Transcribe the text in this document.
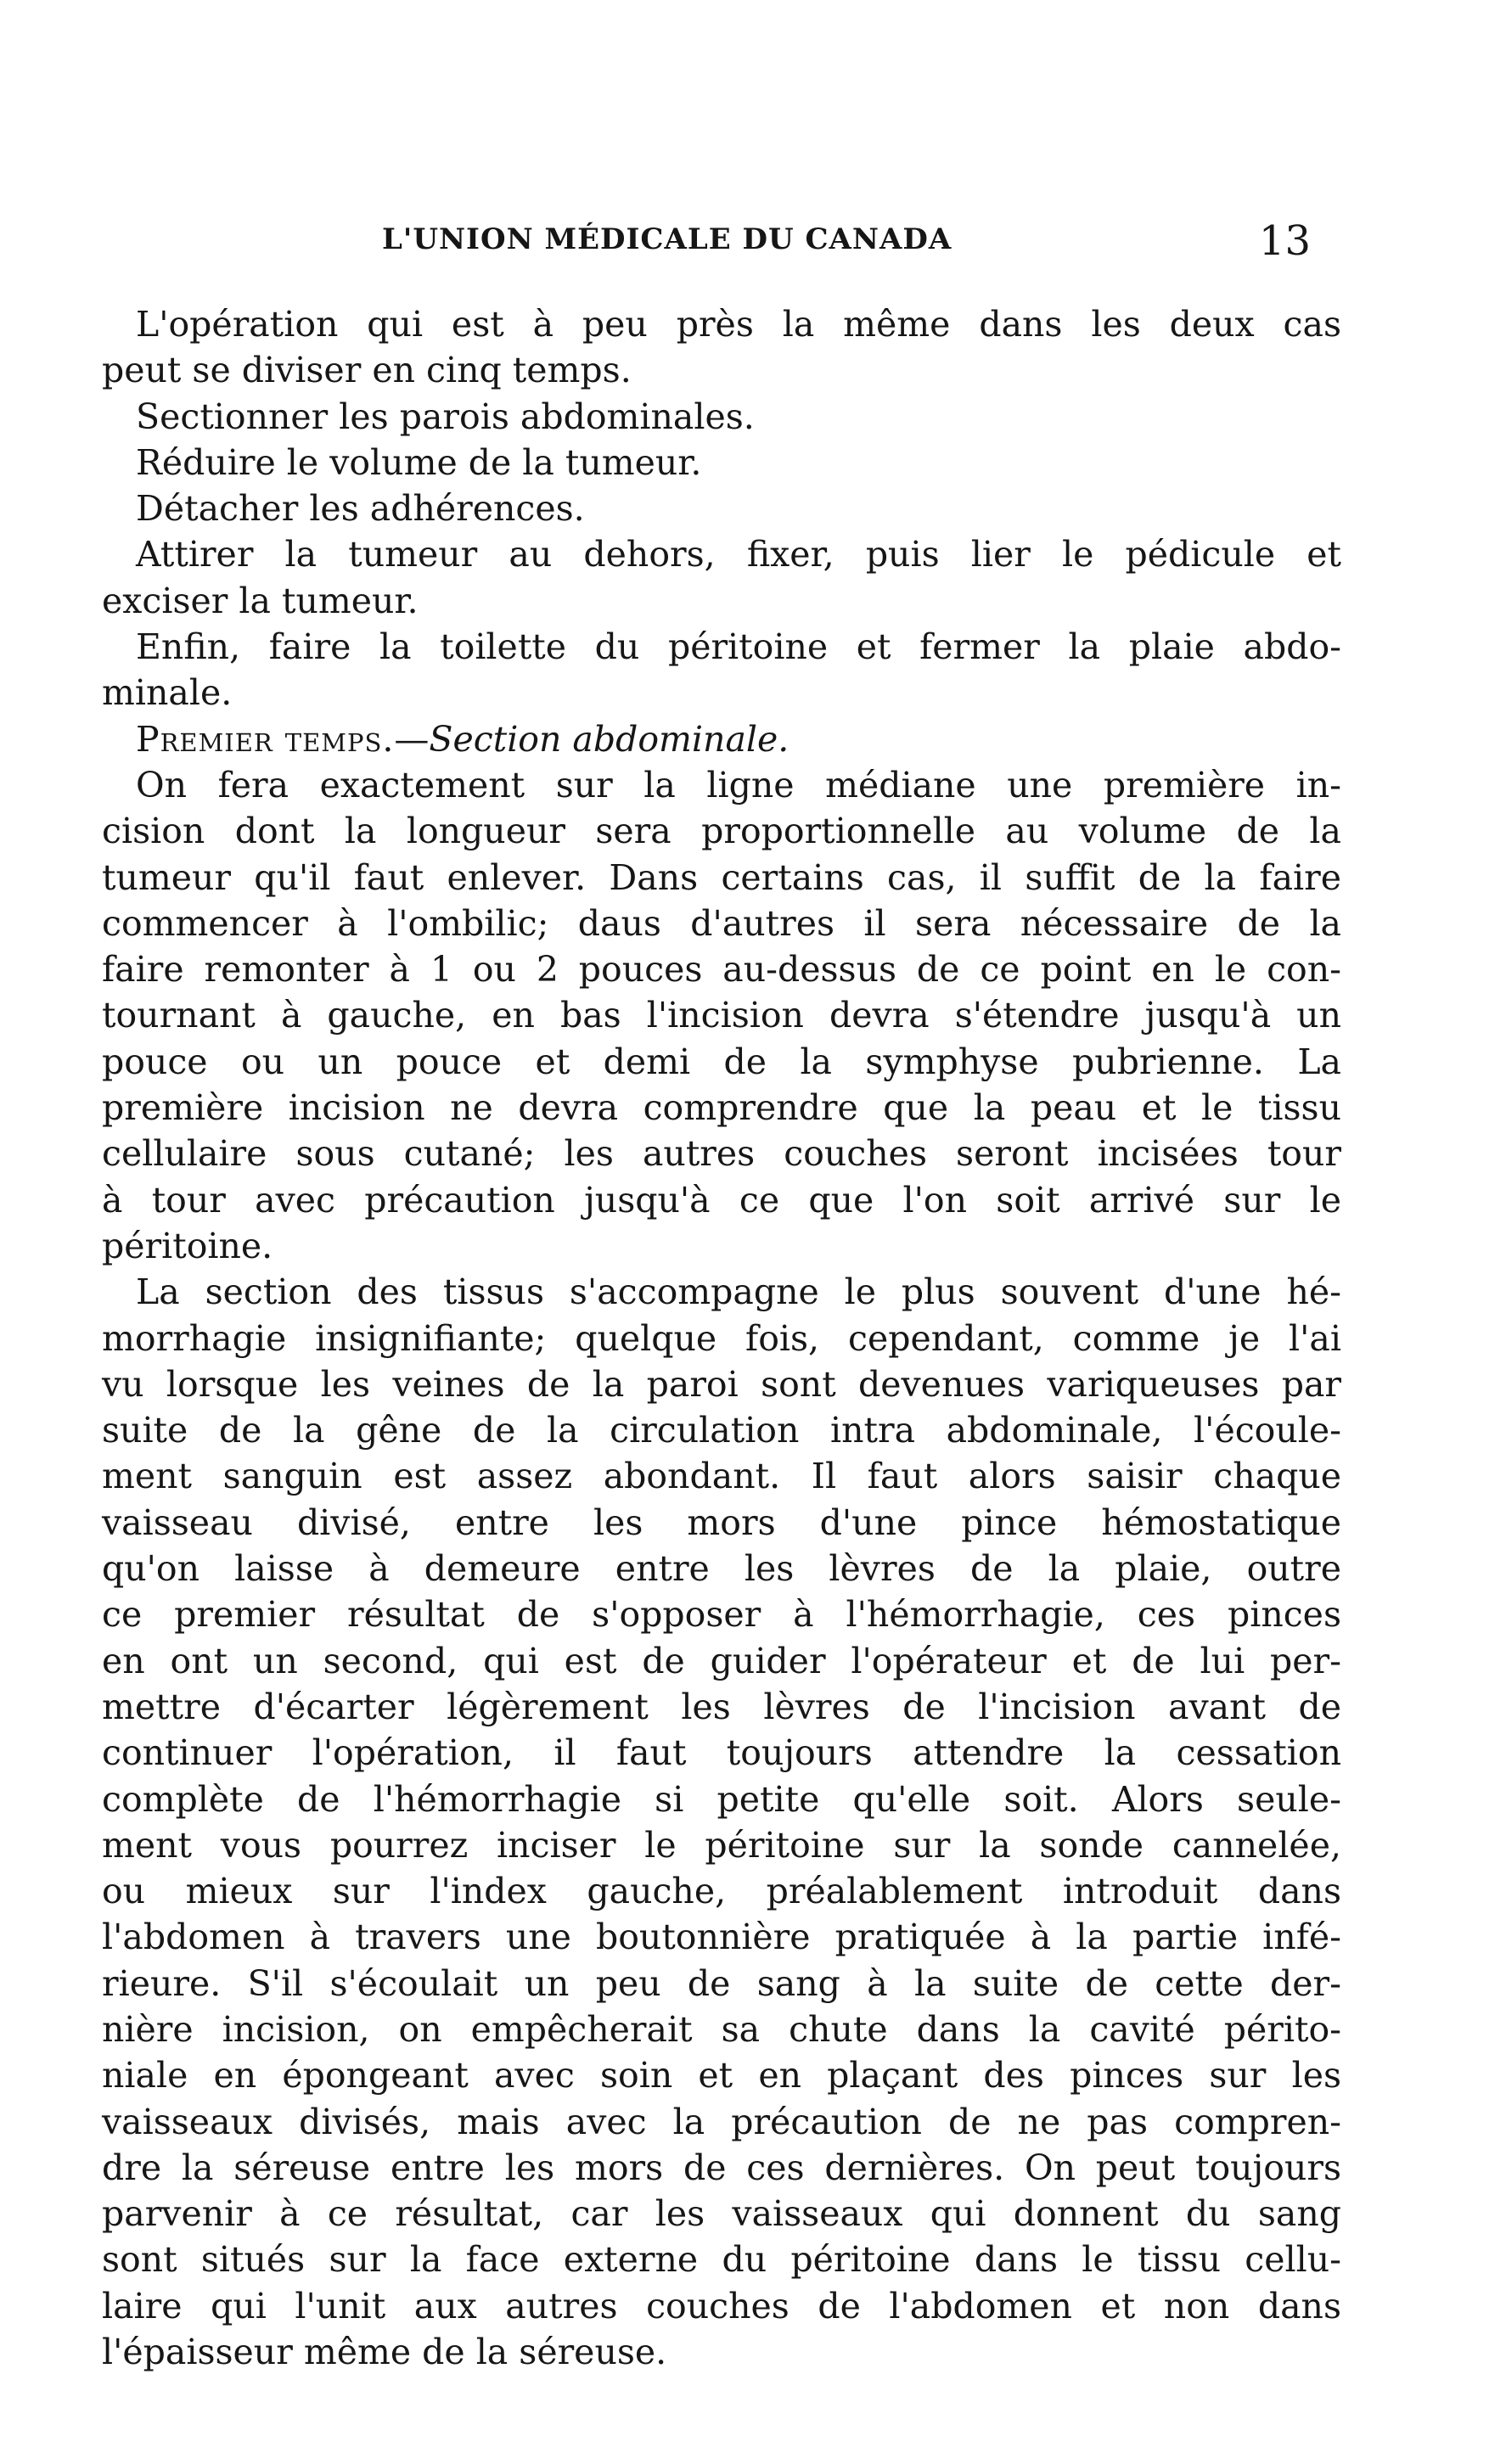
L'UNION MÉDICALE DU CANADA	13
L'opération qui est à peu près la même dans les deux cas
peut se diviser en cinq temps.
Sectionner les parois abdominales.
Réduire le volume de la tumeur.
Détacher les adhérences.
Attirer la tumeur au dehors, fixer, puis lier le pédicule et
exciser la tumeur.
Enfin, faire la toilette du péritoine et fermer la plaie abdo-
minale.
Premier temps.—Section abdominale.
On fera exactement sur la ligne médiane une première in-
cision dont la longueur sera proportionnelle au volume de la
tumeur qu'il faut enlever. Dans certains cas, il suffit de la faire
commencer à l'ombilic; daus d'autres il sera nécessaire de la
faire remonter à 1 ou 2 pouces au-dessus de ce point en le con-
tournant à gauche, en bas l'incision devra s'étendre jusqu'à un
pouce ou un pouce et demi de la symphyse pubrienne. La
première incision ne devra comprendre que la peau et le tissu
cellulaire sous cutané; les autres couches seront incisées tour
à tour avec précaution jusqu'à ce que l'on soit arrivé sur le
péritoine.
La section des tissus s'accompagne le plus souvent d'une hé-
morrhagie insignifiante; quelque fois, cependant, comme je l'ai
vu lorsque les veines de la paroi sont devenues variqueuses par
suite de la gêne de la circulation intra abdominale, l'écoule-
ment sanguin est assez abondant. Il faut alors saisir chaque
vaisseau divisé, entre les mors d'une pince hémostatique
qu'on laisse à demeure entre les lèvres de la plaie, outre
ce premier résultat de s'opposer à l'hémorrhagie, ces pinces
en ont un second, qui est de guider l'opérateur et de lui per-
mettre d'écarter légèrement les lèvres de l'incision avant de
continuer l'opération, il faut toujours attendre la cessation
complète de l'hémorrhagie si petite qu'elle soit. Alors seule-
ment vous pourrez inciser le péritoine sur la sonde cannelée,
ou mieux sur l'index gauche, préalablement introduit dans
l'abdomen à travers une boutonnière pratiquée à la partie infé-
rieure. S'il s'écoulait un peu de sang à la suite de cette der-
nière incision, on empêcherait sa chute dans la cavité périto-
niale en épongeant avec soin et en plaçant des pinces sur les
vaisseaux divisés, mais avec la précaution de ne pas compren-
dre la séreuse entre les mors de ces dernières. On peut toujours
parvenir à ce résultat, car les vaisseaux qui donnent du sang
sont situés sur la face externe du péritoine dans le tissu cellu-
laire qui l'unit aux autres couches de l'abdomen et non dans
l'épaisseur même de la séreuse.
